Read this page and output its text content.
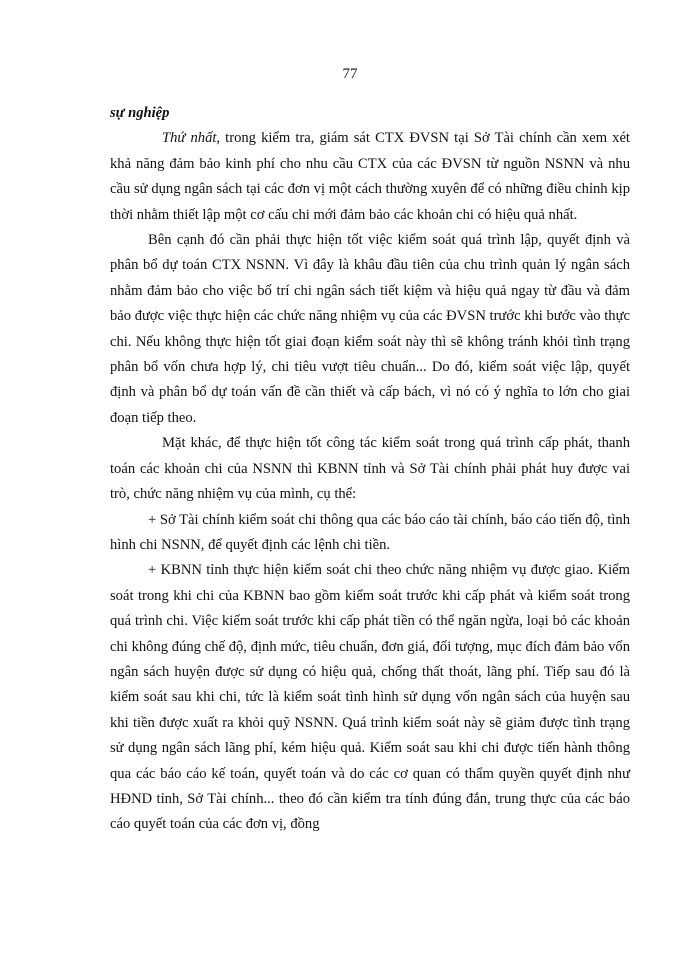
77

sự nghiệp

Thứ nhất, trong kiểm tra, giám sát CTX ĐVSN tại Sở Tài chính cần xem xét khả năng đảm bảo kinh phí cho nhu cầu CTX của các ĐVSN từ nguồn NSNN và nhu cầu sử dụng ngân sách tại các đơn vị một cách thường xuyên để có những điều chỉnh kịp thời nhằm thiết lập một cơ cấu chi mới đảm bảo các khoản chi có hiệu quả nhất.

Bên cạnh đó cần phải thực hiện tốt việc kiểm soát quá trình lập, quyết định và phân bổ dự toán CTX NSNN. Vì đây là khâu đầu tiên của chu trình quản lý ngân sách nhằm đảm bảo cho việc bố trí chi ngân sách tiết kiệm và hiệu quả ngay từ đầu và đảm bảo được việc thực hiện các chức năng nhiệm vụ của các ĐVSN trước khi bước vào thực chi. Nếu không thực hiện tốt giai đoạn kiểm soát này thì sẽ không tránh khỏi tình trạng phân bổ vốn chưa hợp lý, chi tiêu vượt tiêu chuẩn... Do đó, kiểm soát việc lập, quyết định và phân bổ dự toán vấn đề cần thiết và cấp bách, vì nó có ý nghĩa to lớn cho giai đoạn tiếp theo.

Mặt khác, để thực hiện tốt công tác kiểm soát trong quá trình cấp phát, thanh toán các khoản chi của NSNN thì KBNN tỉnh và Sở Tài chính phải phát huy được vai trò, chức năng nhiệm vụ của mình, cụ thể:

+ Sở Tài chính kiểm soát chi thông qua các báo cáo tài chính, báo cáo tiến độ, tình hình chi NSNN, để quyết định các lệnh chi tiền.

+ KBNN tỉnh thực hiện kiểm soát chi theo chức năng nhiệm vụ được giao. Kiểm soát trong khi chi của KBNN bao gồm kiểm soát trước khi cấp phát và kiểm soát trong quá trình chi. Việc kiểm soát trước khi cấp phát tiền có thể ngăn ngừa, loại bỏ các khoản chi không đúng chế độ, định mức, tiêu chuẩn, đơn giá, đối tượng, mục đích đảm bảo vốn ngân sách huyện được sử dụng có hiệu quả, chống thất thoát, lãng phí. Tiếp sau đó là kiểm soát sau khi chi, tức là kiểm soát tình hình sử dụng vốn ngân sách của huyện sau khi tiền được xuất ra khỏi quỹ NSNN. Quá trình kiểm soát này sẽ giảm được tình trạng sử dụng ngân sách lãng phí, kém hiệu quả. Kiểm soát sau khi chi được tiến hành thông qua các báo cáo kế toán, quyết toán và do các cơ quan có thẩm quyền quyết định như HĐND tỉnh, Sở Tài chính... theo đó cần kiểm tra tính đúng đắn, trung thực của các báo cáo quyết toán của các đơn vị, đồng
